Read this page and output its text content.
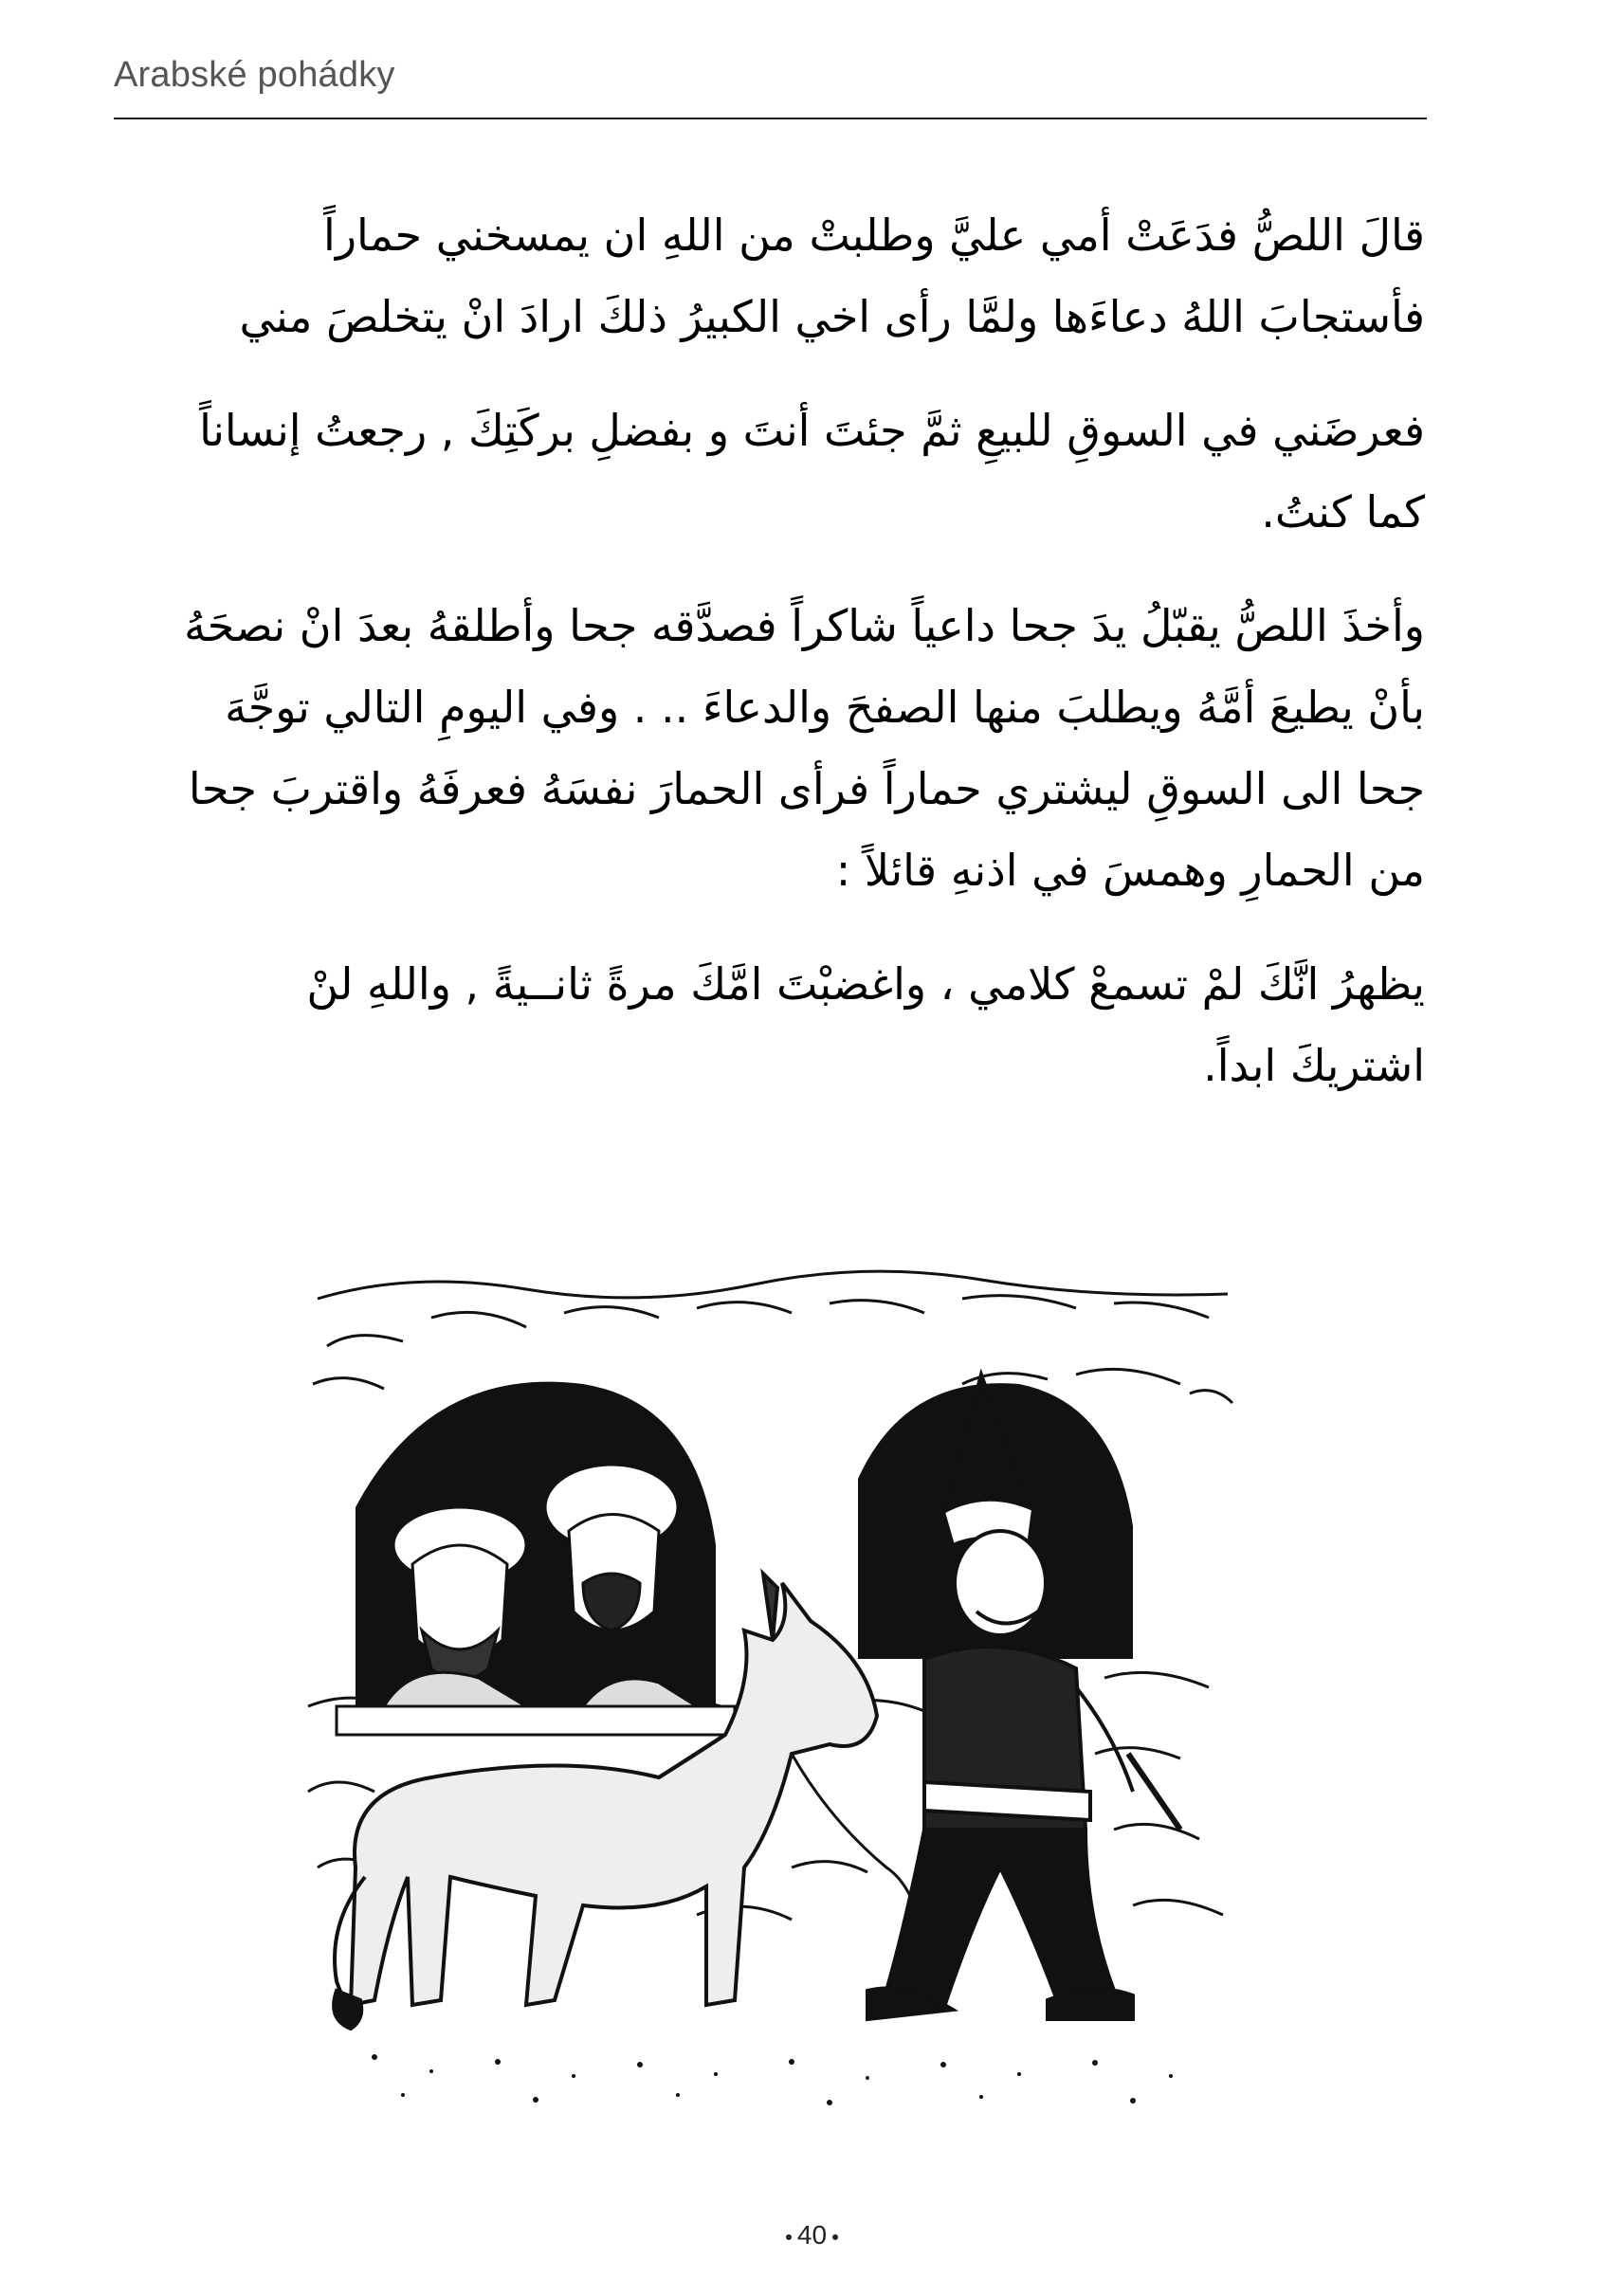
Arabské pohádky

قالَ اللصُّ فدَعَتْ أمي عليَّ وطلبتْ من اللهِ ان يمسخني حماراً فأستجابَ اللهُ دعاءَها ولمَّا رأى اخي الكبيرُ ذلكَ ارادَ انْ يتخلصَ مني

فعرضَني في السوقِ للبيعِ ثمَّ جئتَ أنتَ و بفضلِ بركَتِكَ , رجعتُ إنساناً كما كنتُ.

وأخذَ اللصُّ يقبّلُ يدَ جحا داعياً شاكراً فصدَّقه جحا وأطلقهُ بعدَ انْ نصحَهُ بأنْ يطيعَ أمَّهُ ويطلبَ منها الصفحَ والدعاءَ .. . وفي اليومِ التالي توجَّهَ جحا الى السوقِ ليشتري حماراً فرأى الحمارَ نفسَهُ فعرفَهُ واقتربَ جحا من الحمارِ وهمسَ في اذنهِ قائلاً :

يظهرُ انَّكَ لمْ تسمعْ كلامي ، واغضبْتَ امَّكَ مرةً ثانــيةً , واللهِ لنْ اشتريكَ ابداً.

40
